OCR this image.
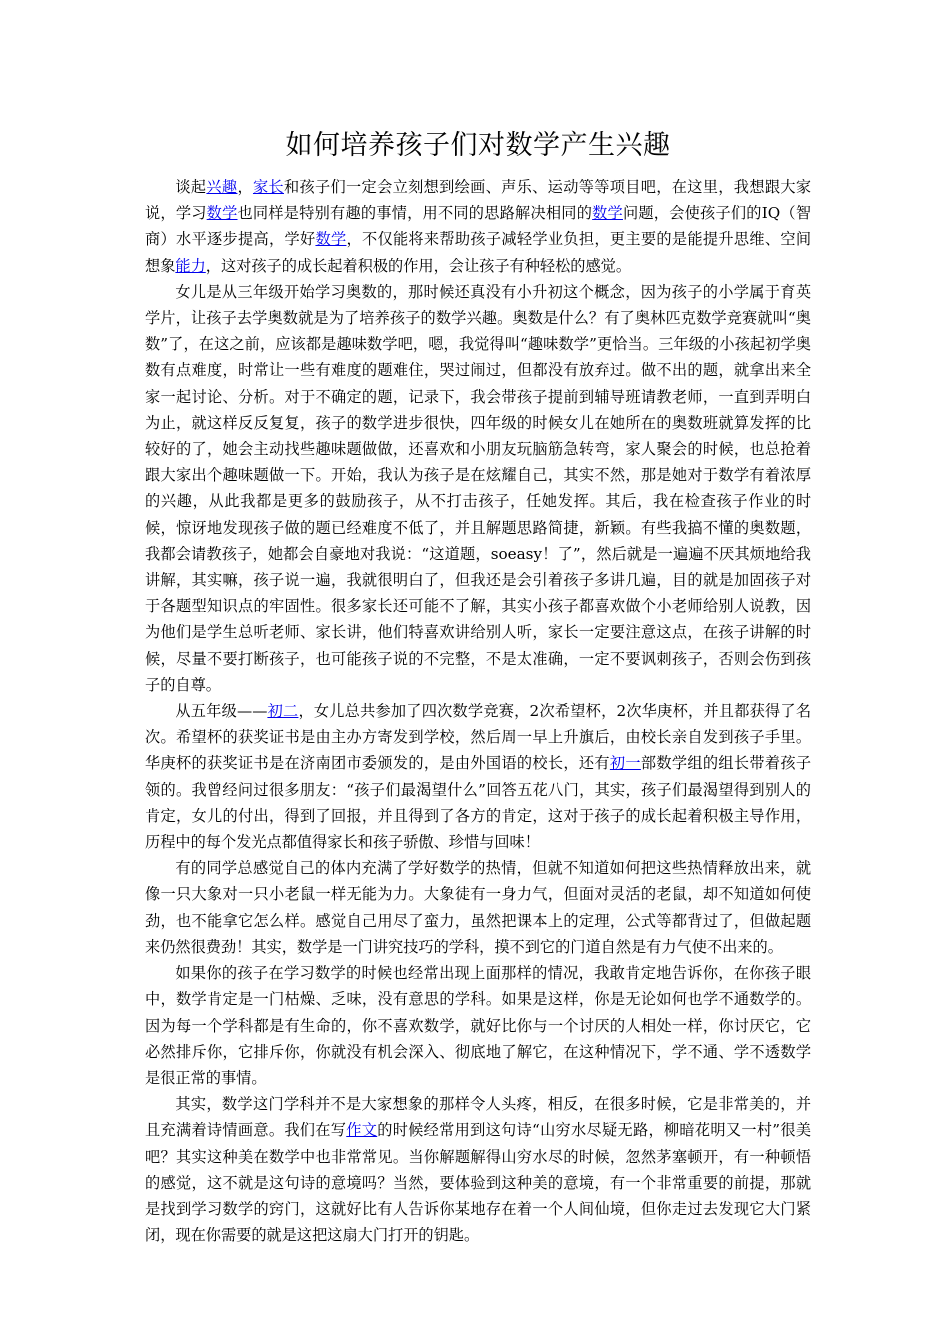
如何培养孩子们对数学产生兴趣

谈起兴趣，家长和孩子们一定会立刻想到绘画、声乐、运动等等项目吧，在这里，我想跟大家说，学习数学也同样是特别有趣的事情，用不同的思路解决相同的数学问题，会使孩子们的IQ（智商）水平逐步提高，学好数学，不仅能将来帮助孩子减轻学业负担，更主要的是能提升思维、空间想象能力，这对孩子的成长起着积极的作用，会让孩子有种轻松的感觉。

女儿是从三年级开始学习奥数的，那时候还真没有小升初这个概念，因为孩子的小学属于育英学片，让孩子去学奥数就是为了培养孩子的数学兴趣。奥数是什么？有了奥林匹克数学竞赛就叫“奥数”了，在这之前，应该都是趣味数学吧，嗯，我觉得叫“趣味数学”更恰当。三年级的小孩起初学奥数有点难度，时常让一些有难度的题难住，哭过闹过，但都没有放弃过。做不出的题，就拿出来全家一起讨论、分析。对于不确定的题，记录下，我会带孩子提前到辅导班请教老师，一直到弄明白为止，就这样反反复复，孩子的数学进步很快，四年级的时候女儿在她所在的奥数班就算发挥的比较好的了，她会主动找些趣味题做做，还喜欢和小朋友玩脑筋急转弯，家人聚会的时候，也总抢着跟大家出个趣味题做一下。开始，我认为孩子是在炫耀自己，其实不然，那是她对于数学有着浓厚的兴趣，从此我都是更多的鼓励孩子，从不打击孩子，任她发挥。其后，我在检查孩子作业的时候，惊讶地发现孩子做的题已经难度不低了，并且解题思路简捷，新颖。有些我搞不懂的奥数题，我都会请教孩子，她都会自豪地对我说：“这道题，soeasy！了”，然后就是一遍遍不厌其烦地给我讲解，其实嘛，孩子说一遍，我就很明白了，但我还是会引着孩子多讲几遍，目的就是加固孩子对于各题型知识点的牢固性。很多家长还可能不了解，其实小孩子都喜欢做个小老师给别人说教，因为他们是学生总听老师、家长讲，他们特喜欢讲给别人听，家长一定要注意这点，在孩子讲解的时候，尽量不要打断孩子，也可能孩子说的不完整，不是太准确，一定不要讽刺孩子，否则会伤到孩子的自尊。

从五年级——初二，女儿总共参加了四次数学竞赛，2次希望杯，2次华庚杯，并且都获得了名次。希望杯的获奖证书是由主办方寄发到学校，然后周一早上升旗后，由校长亲自发到孩子手里。华庚杯的获奖证书是在济南团市委颁发的，是由外国语的校长，还有初一部数学组的组长带着孩子领的。我曾经问过很多朋友：“孩子们最渴望什么”回答五花八门，其实，孩子们最渴望得到别人的肯定，女儿的付出，得到了回报，并且得到了各方的肯定，这对于孩子的成长起着积极主导作用，历程中的每个发光点都值得家长和孩子骄傲、珍惜与回味！

有的同学总感觉自己的体内充满了学好数学的热情，但就不知道如何把这些热情释放出来，就像一只大象对一只小老鼠一样无能为力。大象徒有一身力气，但面对灵活的老鼠，却不知道如何使劲，也不能拿它怎么样。感觉自己用尽了蛮力，虽然把课本上的定理，公式等都背过了，但做起题来仍然很费劲！其实，数学是一门讲究技巧的学科，摸不到它的门道自然是有力气使不出来的。

如果你的孩子在学习数学的时候也经常出现上面那样的情况，我敢肯定地告诉你，在你孩子眼中，数学肯定是一门枯燥、乏味，没有意思的学科。如果是这样，你是无论如何也学不通数学的。因为每一个学科都是有生命的，你不喜欢数学，就好比你与一个讨厌的人相处一样，你讨厌它，它必然排斥你，它排斥你，你就没有机会深入、彻底地了解它，在这种情况下，学不通、学不透数学是很正常的事情。

其实，数学这门学科并不是大家想象的那样令人头疼，相反，在很多时候，它是非常美的，并且充满着诗情画意。我们在写作文的时候经常用到这句诗“山穷水尽疑无路，柳暗花明又一村”很美吧？其实这种美在数学中也非常常见。当你解题解得山穷水尽的时候，忽然茅塞顿开，有一种顿悟的感觉，这不就是这句诗的意境吗？当然，要体验到这种美的意境，有一个非常重要的前提，那就是找到学习数学的窍门，这就好比有人告诉你某地存在着一个人间仙境，但你走过去发现它大门紧闭，现在你需要的就是这把这扇大门打开的钥匙。
